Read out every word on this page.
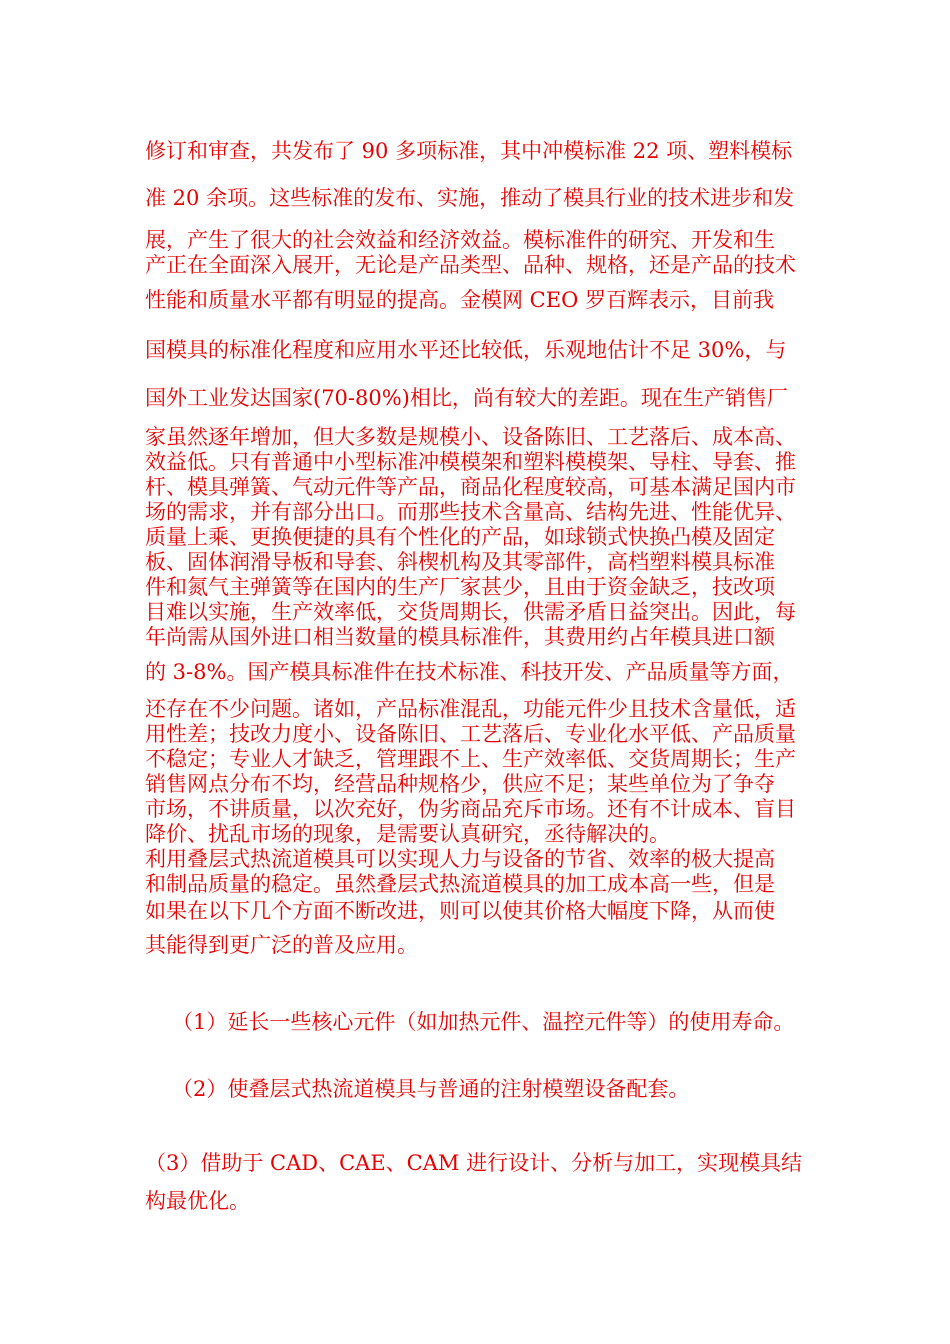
修订和审查，共发布了 90 多项标准，其中冲模标准 22 项、塑料模标

准 20 余项。这些标准的发布、实施，推动了模具行业的技术进步和发

展，产生了很大的社会效益和经济效益。模标准件的研究、开发和生

产正在全面深入展开，无论是产品类型、品种、规格，还是产品的技术

性能和质量水平都有明显的提高。金模网 CEO 罗百辉表示，目前我

国模具的标准化程度和应用水平还比较低，乐观地估计不足 30%，与

国外工业发达国家(70-80%)相比，尚有较大的差距。现在生产销售厂

家虽然逐年增加，但大多数是规模小、设备陈旧、工艺落后、成本高、

效益低。只有普通中小型标准冲模模架和塑料模模架、导柱、导套、推

杆、模具弹簧、气动元件等产品，商品化程度较高，可基本满足国内市

场的需求，并有部分出口。而那些技术含量高、结构先进、性能优异、

质量上乘、更换便捷的具有个性化的产品，如球锁式快换凸模及固定

板、固体润滑导板和导套、斜楔机构及其零部件，高档塑料模具标准

件和氮气主弹簧等在国内的生产厂家甚少，且由于资金缺乏，技改项

目难以实施，生产效率低，交货周期长，供需矛盾日益突出。因此，每

年尚需从国外进口相当数量的模具标准件，其费用约占年模具进口额

的 3-8%。国产模具标准件在技术标准、科技开发、产品质量等方面，

还存在不少问题。诸如，产品标准混乱，功能元件少且技术含量低，适

用性差；技改力度小、设备陈旧、工艺落后、专业化水平低、产品质量

不稳定；专业人才缺乏，管理跟不上、生产效率低、交货周期长；生产

销售网点分布不均，经营品种规格少，供应不足；某些单位为了争夺

市场，不讲质量，以次充好，伪劣商品充斥市场。还有不计成本、盲目

降价、扰乱市场的现象，是需要认真研究，丞待解决的。

利用叠层式热流道模具可以实现人力与设备的节省、效率的极大提高

和制品质量的稳定。虽然叠层式热流道模具的加工成本高一些，但是

如果在以下几个方面不断改进，则可以使其价格大幅度下降，从而使

其能得到更广泛的普及应用。

（1）延长一些核心元件（如加热元件、温控元件等）的使用寿命。

（2）使叠层式热流道模具与普通的注射模塑设备配套。

（3）借助于 CAD、CAE、CAM 进行设计、分析与加工，实现模具结

构最优化。
